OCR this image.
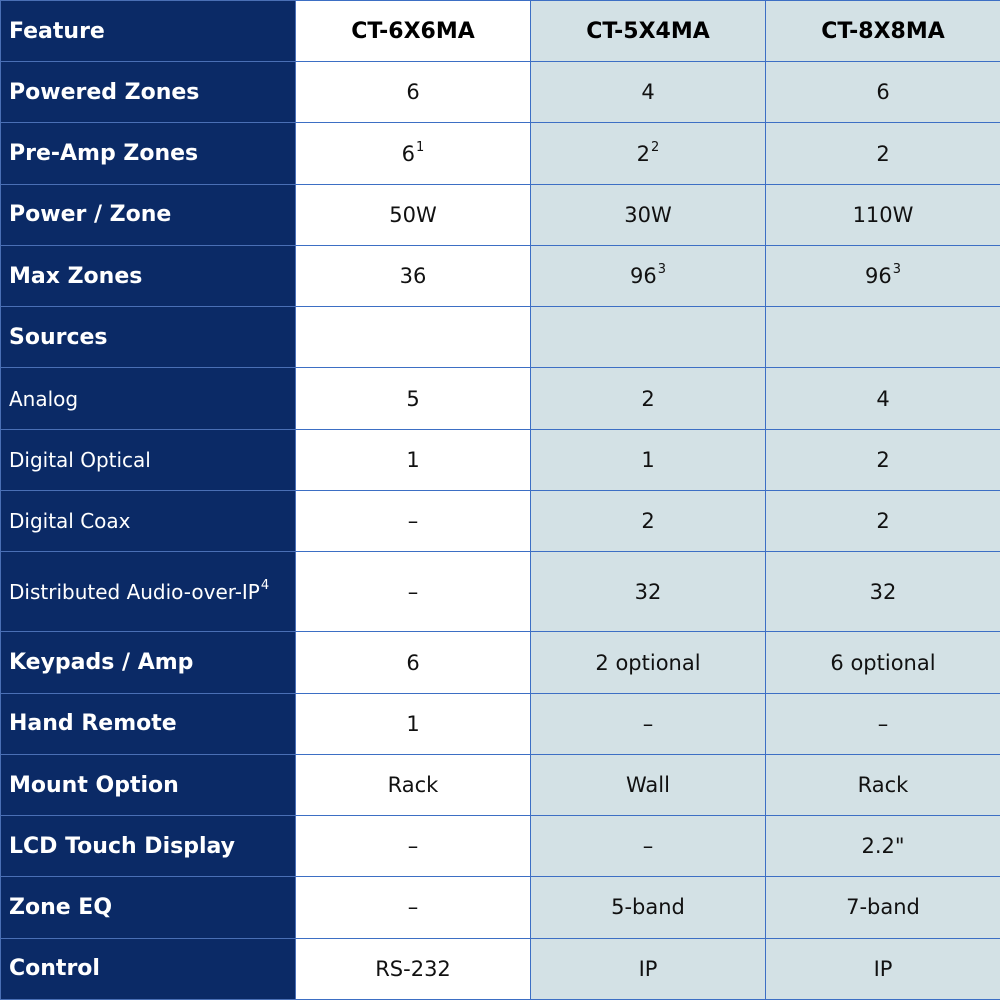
Feature	CT-6X6MA	CT-5X4MA	CT-8X8MA
Powered Zones	6	4	6
Pre-Amp Zones	$6^1$	$2^2$	2
Power / Zone	50W	30W	110W
Max Zones	36	$96^3$	$96^3$
Sources			
Analog	5	2	4
Digital Optical	1	1	2
Digital Coax	–	2	2
Distributed Audio-$over-IP^4$	–	32	32
Keypads / Amp	6	2 optional	6 optional
Hand Remote	1	–	–
Mount Option	Rack	Wall	Rack
LCD Touch Display	–	–	2.2"
Zone EQ	–	5-band	7-band
Control	RS-232	IP	IP
